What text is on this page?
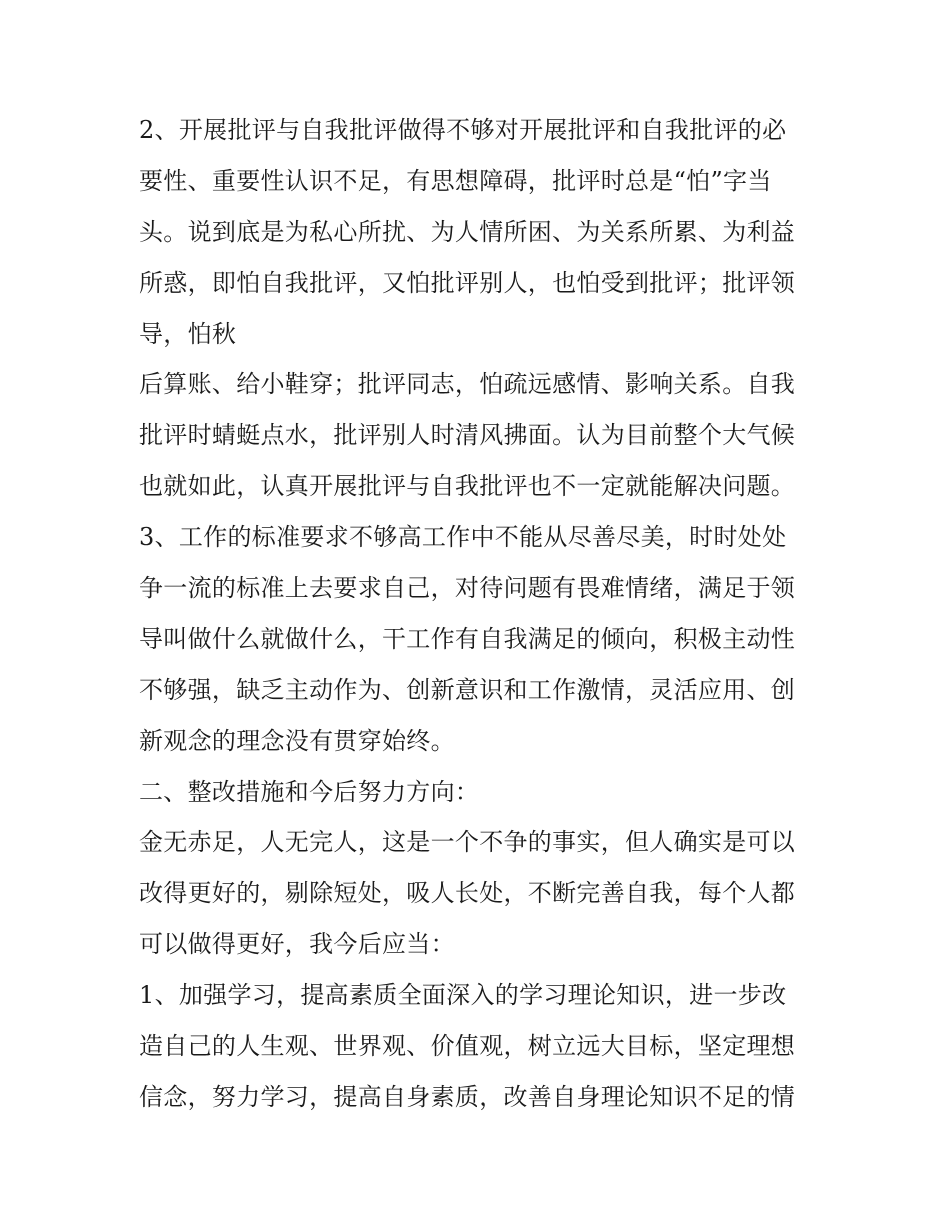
2、开展批评与自我批评做得不够对开展批评和自我批评的必
要性、重要性认识不足，有思想障碍，批评时总是“怕”字当
头。说到底是为私心所扰、为人情所困、为关系所累、为利益
所惑，即怕自我批评，又怕批评别人，也怕受到批评；批评领
导，怕秋
后算账、给小鞋穿；批评同志，怕疏远感情、影响关系。自我
批评时蜻蜓点水，批评别人时清风拂面。认为目前整个大气候
也就如此，认真开展批评与自我批评也不一定就能解决问题。
3、工作的标准要求不够高工作中不能从尽善尽美，时时处处
争一流的标准上去要求自己，对待问题有畏难情绪，满足于领
导叫做什么就做什么，干工作有自我满足的倾向，积极主动性
不够强，缺乏主动作为、创新意识和工作激情，灵活应用、创
新观念的理念没有贯穿始终。
二、整改措施和今后努力方向：
金无赤足，人无完人，这是一个不争的事实，但人确实是可以
改得更好的，剔除短处，吸人长处，不断完善自我，每个人都
可以做得更好，我今后应当：
1、加强学习，提高素质全面深入的学习理论知识，进一步改
造自己的人生观、世界观、价值观，树立远大目标，坚定理想
信念，努力学习，提高自身素质，改善自身理论知识不足的情
